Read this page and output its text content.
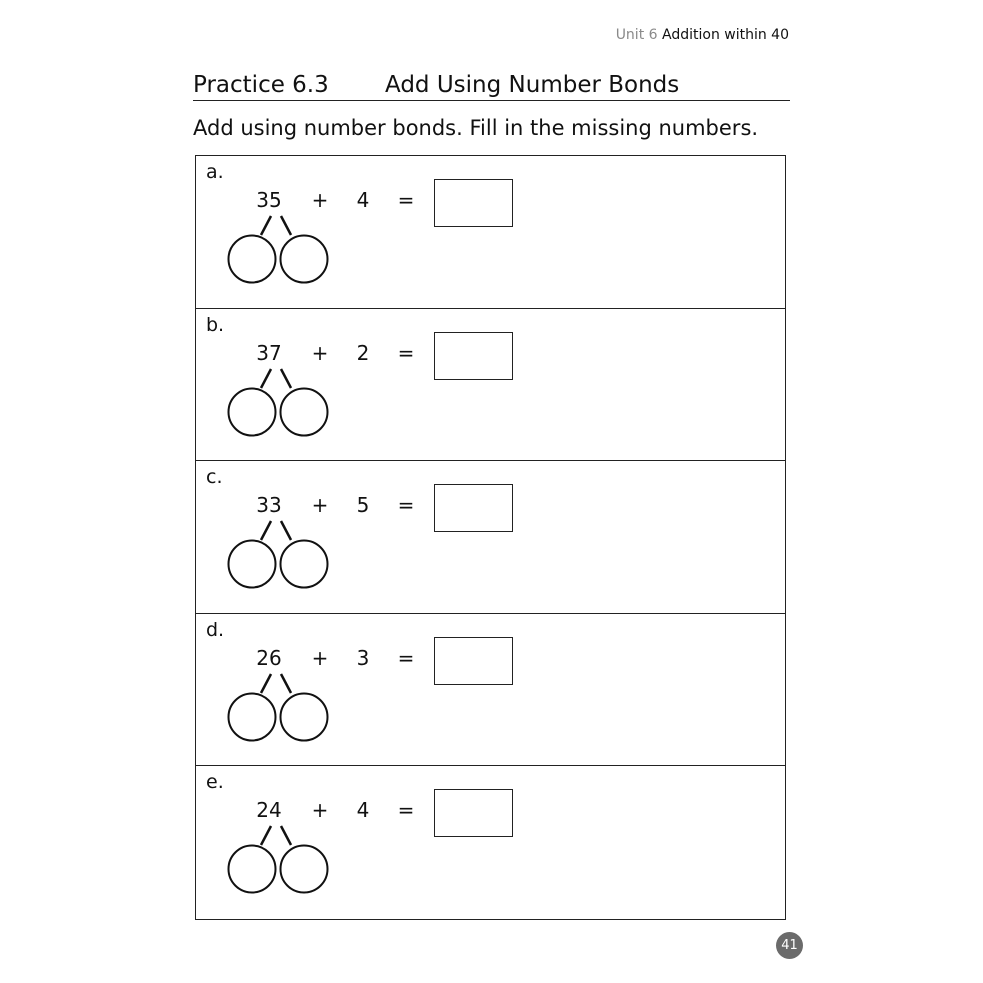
Unit 6 Addition within 40
Practice 6.3 Add Using Number Bonds
Add using number bonds. Fill in the missing numbers.
a.
35 + 4 =
b.
37 + 2 =
c.
33 + 5 =
d.
26 + 3 =
e.
24 + 4 =
41
